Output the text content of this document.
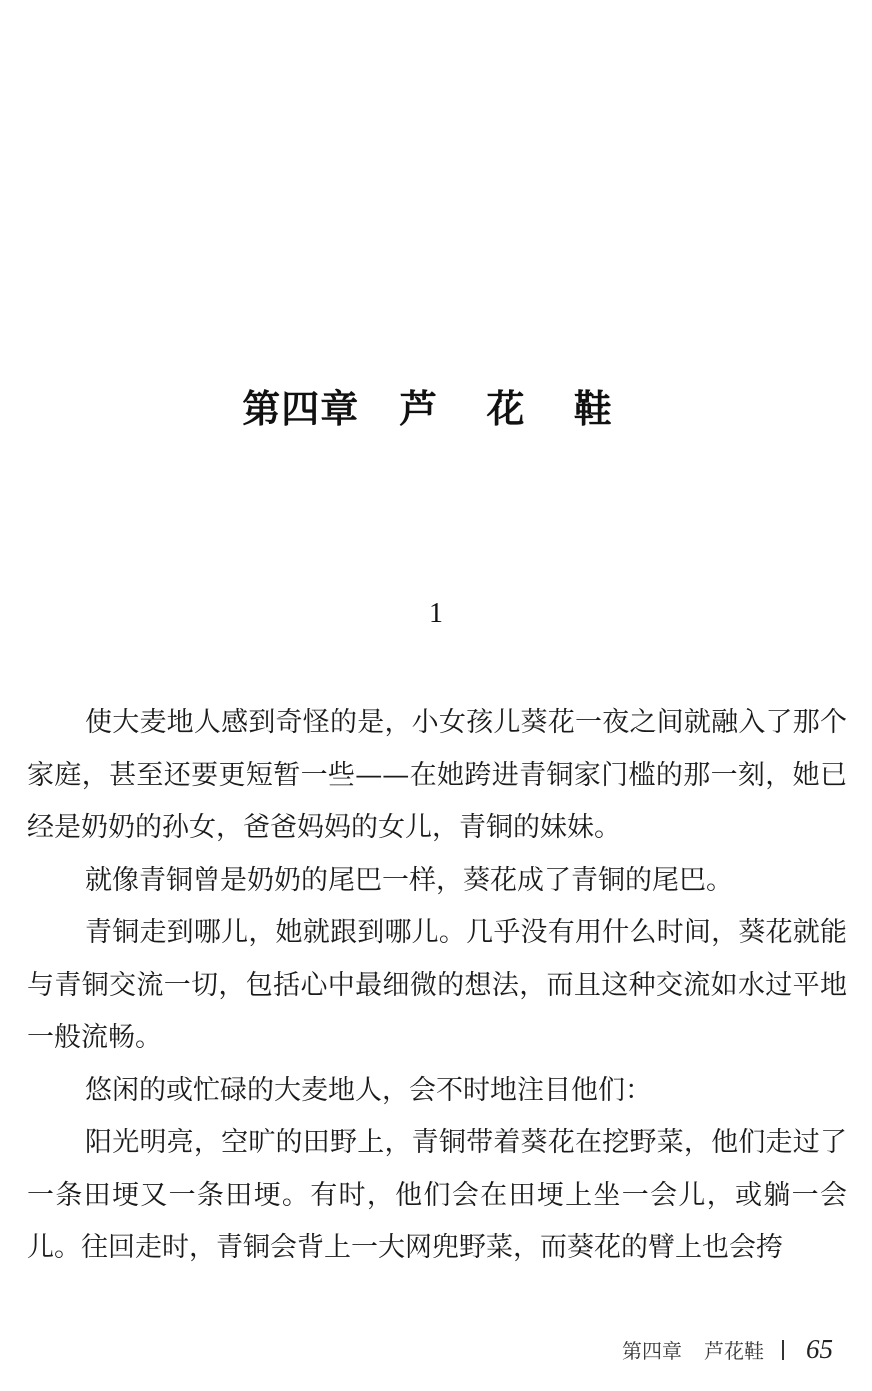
第四章 芦 花 鞋
1

使大麦地人感到奇怪的是，小女孩儿葵花一夜之间就融入了那个家庭，甚至还要更短暂一些——在她跨进青铜家门槛的那一刻，她已经是奶奶的孙女，爸爸妈妈的女儿，青铜的妹妹。

就像青铜曾是奶奶的尾巴一样，葵花成了青铜的尾巴。

青铜走到哪儿，她就跟到哪儿。几乎没有用什么时间，葵花就能与青铜交流一切，包括心中最细微的想法，而且这种交流如水过平地一般流畅。

悠闲的或忙碌的大麦地人，会不时地注目他们：

阳光明亮，空旷的田野上，青铜带着葵花在挖野菜，他们走过了一条田埂又一条田埂。有时，他们会在田埂上坐一会儿，或躺一会儿。往回走时，青铜会背上一大网兜野菜，而葵花的臂上也会挎

第四章 芦花鞋 65
